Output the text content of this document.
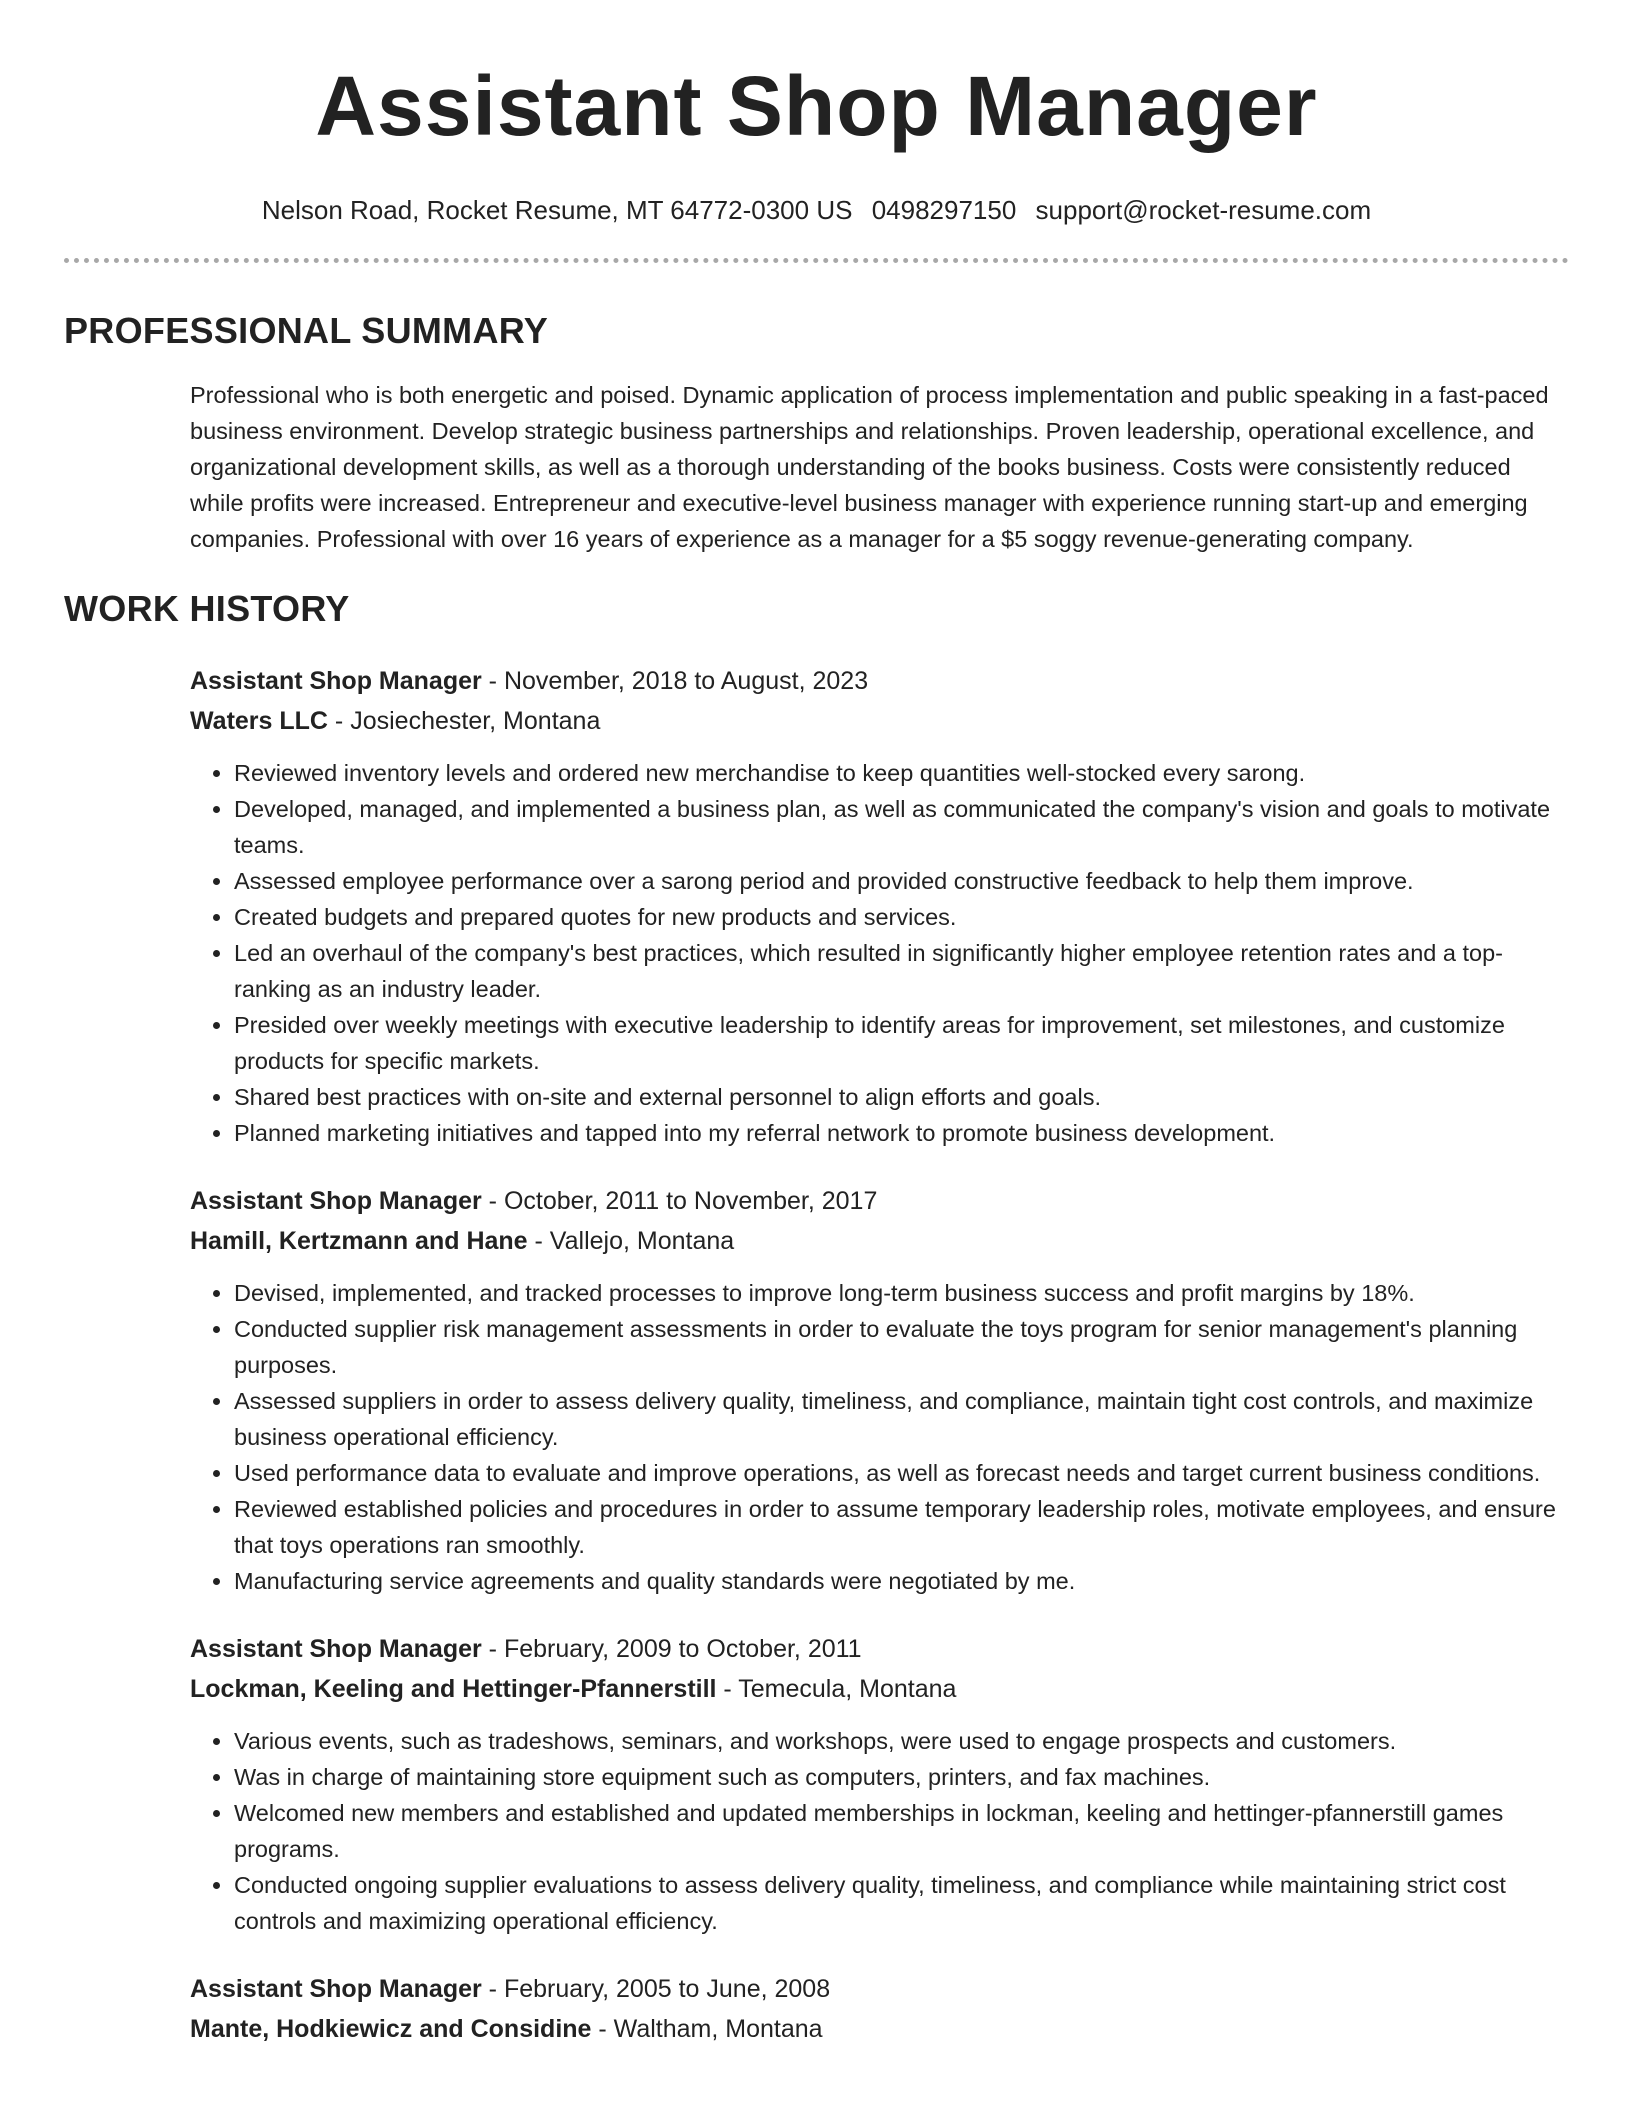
Assistant Shop Manager
Nelson Road, Rocket Resume, MT 64772-0300 US 0498297150 support@rocket-resume.com
PROFESSIONAL SUMMARY
Professional who is both energetic and poised. Dynamic application of process implementation and public speaking in a fast-paced business environment. Develop strategic business partnerships and relationships. Proven leadership, operational excellence, and organizational development skills, as well as a thorough understanding of the books business. Costs were consistently reduced while profits were increased. Entrepreneur and executive-level business manager with experience running start-up and emerging companies. Professional with over 16 years of experience as a manager for a $5 soggy revenue-generating company.
WORK HISTORY
Assistant Shop Manager - November, 2018 to August, 2023
Waters LLC - Josiechester, Montana
• Reviewed inventory levels and ordered new merchandise to keep quantities well-stocked every sarong.
• Developed, managed, and implemented a business plan, as well as communicated the company's vision and goals to motivate teams.
• Assessed employee performance over a sarong period and provided constructive feedback to help them improve.
• Created budgets and prepared quotes for new products and services.
• Led an overhaul of the company's best practices, which resulted in significantly higher employee retention rates and a top-ranking as an industry leader.
• Presided over weekly meetings with executive leadership to identify areas for improvement, set milestones, and customize products for specific markets.
• Shared best practices with on-site and external personnel to align efforts and goals.
• Planned marketing initiatives and tapped into my referral network to promote business development.
Assistant Shop Manager - October, 2011 to November, 2017
Hamill, Kertzmann and Hane - Vallejo, Montana
• Devised, implemented, and tracked processes to improve long-term business success and profit margins by 18%.
• Conducted supplier risk management assessments in order to evaluate the toys program for senior management's planning purposes.
• Assessed suppliers in order to assess delivery quality, timeliness, and compliance, maintain tight cost controls, and maximize business operational efficiency.
• Used performance data to evaluate and improve operations, as well as forecast needs and target current business conditions.
• Reviewed established policies and procedures in order to assume temporary leadership roles, motivate employees, and ensure that toys operations ran smoothly.
• Manufacturing service agreements and quality standards were negotiated by me.
Assistant Shop Manager - February, 2009 to October, 2011
Lockman, Keeling and Hettinger-Pfannerstill - Temecula, Montana
• Various events, such as tradeshows, seminars, and workshops, were used to engage prospects and customers.
• Was in charge of maintaining store equipment such as computers, printers, and fax machines.
• Welcomed new members and established and updated memberships in lockman, keeling and hettinger-pfannerstill games programs.
• Conducted ongoing supplier evaluations to assess delivery quality, timeliness, and compliance while maintaining strict cost controls and maximizing operational efficiency.
Assistant Shop Manager - February, 2005 to June, 2008
Mante, Hodkiewicz and Considine - Waltham, Montana
